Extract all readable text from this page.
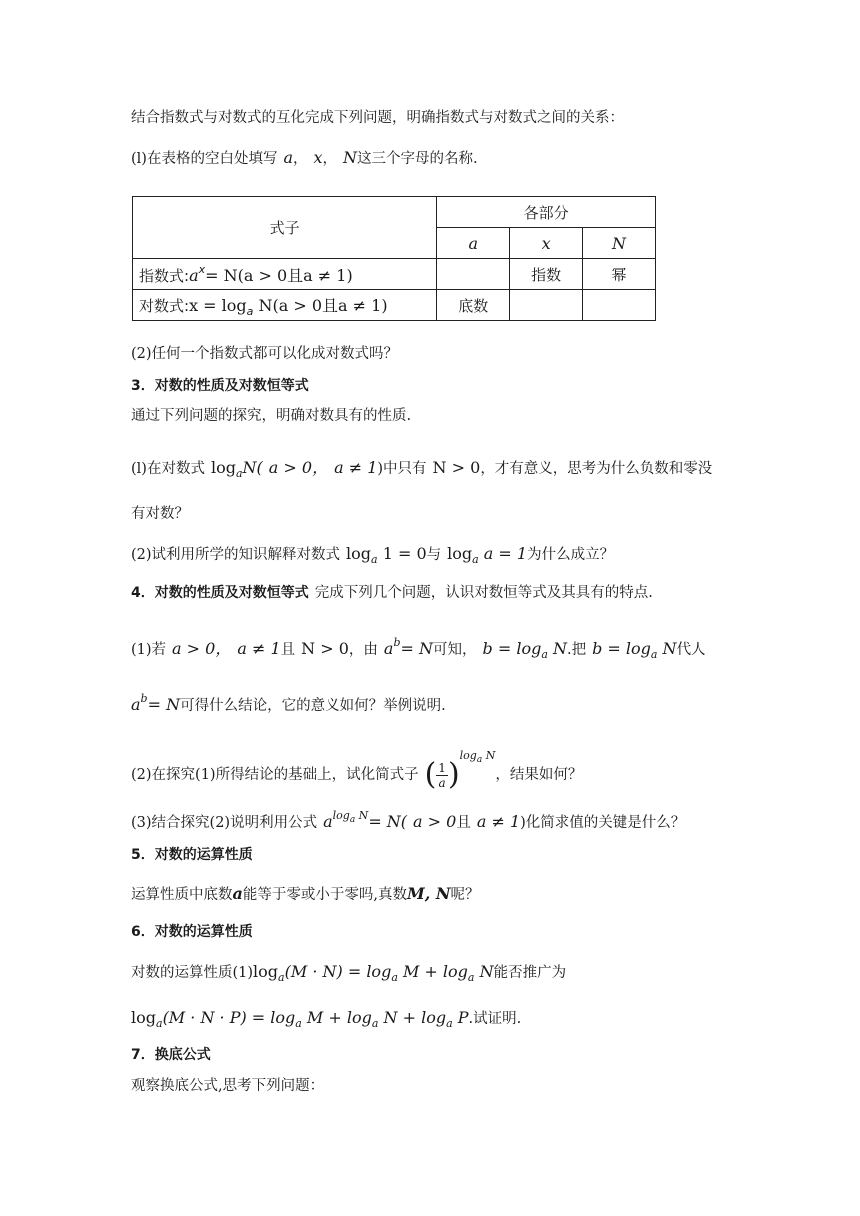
结合指数式与对数式的互化完成下列问题，明确指数式与对数式之间的关系：
(l)在表格的空白处填写 a， x， N这三个字母的名称.
式子	各部分		
	a	x	N
指数式$:a^x= N(a > 0$且a ≠ 1)		指数	幂
对数式:x = $\log_a N(a > 0$且a ≠ 1)	底数		
(2)任何一个指数式都可以化成对数式吗？
3．对数的性质及对数恒等式
通过下列问题的探究，明确对数具有的性质.
(l)在对数式 $\log_aN$( a > 0， a ≠ 1)中只有 N > 0，才有意义，思考为什么负数和零没
有对数？
(2)试利用所学的知识解释对数式 $\log_a 1 = 0$与 $\log_a a = 1$为什么成立？
4．对数的性质及对数恒等式 完成下列几个问题，认识对数恒等式及其具有的特点.
(1)若 a > 0， a ≠ 1且 N > 0，由 $a^b= N$可知， $b = \log_a N$.把 $b = \log_a N$代人
$a^b= N$可得什么结论，它的意义如何？举例说明.
(2)在探究(1)所得结论的基础上，试化简式子 ( $\frac{1}{a} )^{log_a N}$，结果如何？
(3)结合探究(2)说明利用公式 $a^{log_a N}= N$( a > 0且 a ≠ 1)化简求值的关键是什么？
5．对数的运算性质
运算性质中底数a能等于零或小于零吗,真数M, N呢？
6．对数的运算性质
对数的运算性质$(1)\log_a(M \cdot N) = \log_a M + \log_a N$能否推广为
$\log_a(M \cdot N \cdot P) = \log_a M + \log_a N + \log_a P$.试证明.
7．换底公式
观察换底公式,思考下列问题：
